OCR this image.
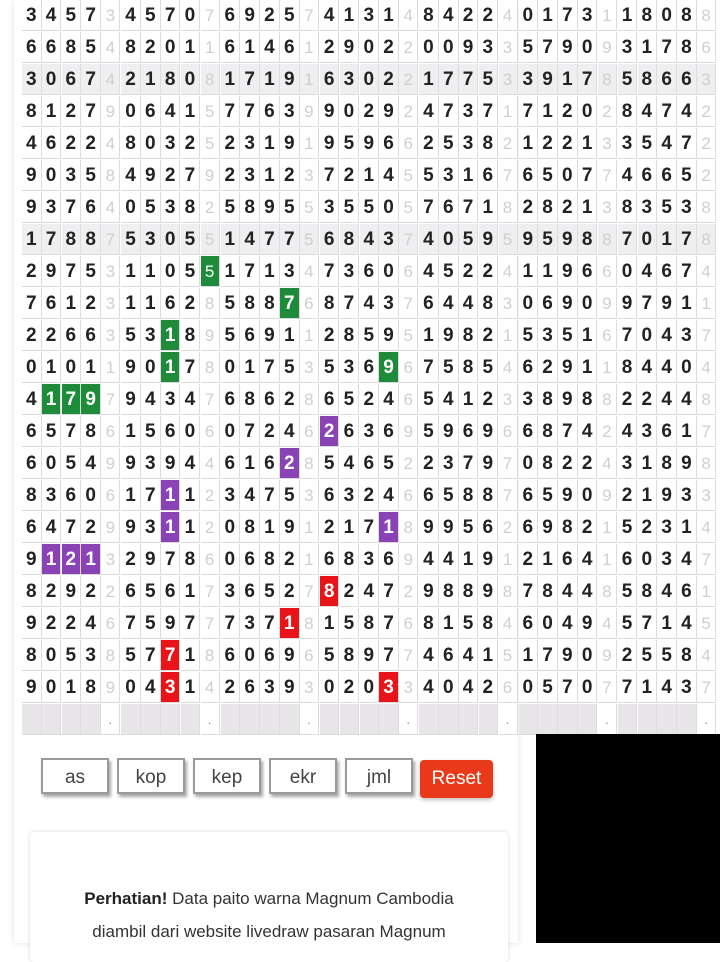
3 4 5 7 3 4 5 7 0 7 6 9 2 5 7 4 1 3 1 4 8 4 2 2 4 0 1 7 3 1 1 8 0 8 8
6 6 8 5 4 8 2 0 1 1 6 1 4 6 1 2 9 0 2 2 0 0 9 3 3 5 7 9 0 9 3 1 7 8 6
3 0 6 7 4 2 1 8 0 8 1 7 1 9 1 6 3 0 2 2 1 7 7 5 3 3 9 1 7 8 5 8 6 6 3
8 1 2 7 9 0 6 4 1 5 7 7 6 3 9 9 0 2 9 2 4 7 3 7 1 7 1 2 0 2 8 4 7 4 2
4 6 2 2 4 8 0 3 2 5 2 3 1 9 1 9 5 9 6 6 2 5 3 8 2 1 2 2 1 3 3 5 4 7 2
9 0 3 5 8 4 9 2 7 9 2 3 1 2 3 7 2 1 4 5 5 3 1 6 7 6 5 0 7 7 4 6 6 5 2
9 3 7 6 4 0 5 3 8 2 5 8 9 5 5 3 5 5 0 5 7 6 7 1 8 2 8 2 1 3 8 3 5 3 8
1 7 8 8 7 5 3 0 5 5 1 4 7 7 5 6 8 4 3 7 4 0 5 9 5 9 5 9 8 8 7 0 1 7 8
2 9 7 5 3 1 1 0 5 5 1 7 1 3 4 7 3 6 0 6 4 5 2 2 4 1 1 9 6 6 0 4 6 7 4
7 6 1 2 3 1 1 6 2 8 5 8 8 7 6 8 7 4 3 7 6 4 4 8 3 0 6 9 0 9 9 7 9 1 1
2 2 6 6 3 5 3 1 8 9 5 6 9 1 1 2 8 5 9 5 1 9 8 2 1 5 3 5 1 6 7 0 4 3 7
0 1 0 1 1 9 0 1 7 8 0 1 7 5 3 5 3 6 9 6 7 5 8 5 4 6 2 9 1 1 8 4 4 0 4
4 1 7 9 7 9 4 3 4 7 6 8 6 2 8 6 5 2 4 6 5 4 1 2 3 3 8 9 8 8 2 2 4 4 8
6 5 7 8 6 1 5 6 0 6 0 7 2 4 6 2 6 3 6 9 5 9 6 9 6 6 8 7 4 2 4 3 6 1 7
6 0 5 4 9 9 3 9 4 4 6 1 6 2 8 5 4 6 5 2 2 3 7 9 7 0 8 2 2 4 3 1 8 9 8
8 3 6 0 6 1 7 1 1 2 3 4 7 5 3 6 3 2 4 6 6 5 8 8 7 6 5 9 0 9 2 1 9 3 3
6 4 7 2 9 9 3 1 1 2 0 8 1 9 1 2 1 7 1 8 9 9 5 6 2 6 9 8 2 1 5 2 3 1 4
9 1 2 1 3 2 9 7 8 6 0 6 8 2 1 6 8 3 6 9 4 4 1 9 1 2 1 6 4 1 6 0 3 4 7
8 2 9 2 2 6 5 6 1 7 3 6 5 2 7 8 2 4 7 2 9 8 8 9 8 7 8 4 4 8 5 8 4 6 1
9 2 2 4 6 7 5 9 7 7 7 3 7 1 8 1 5 8 7 6 8 1 5 8 4 6 0 4 9 4 5 7 1 4 5
8 0 5 3 8 5 7 7 1 8 6 0 6 9 6 5 8 9 7 7 4 6 4 1 5 1 7 9 0 9 2 5 5 8 4
9 0 1 8 9 0 4 3 1 4 2 6 3 9 3 0 2 0 3 3 4 0 4 2 6 0 5 7 0 7 7 1 4 3 7
.	.	.	.	.	.	.
as	kop	kep	ekr	jml	Reset

Perhatian! Data paito warna Magnum Cambodia
diambil dari website livedraw pasaran Magnum
